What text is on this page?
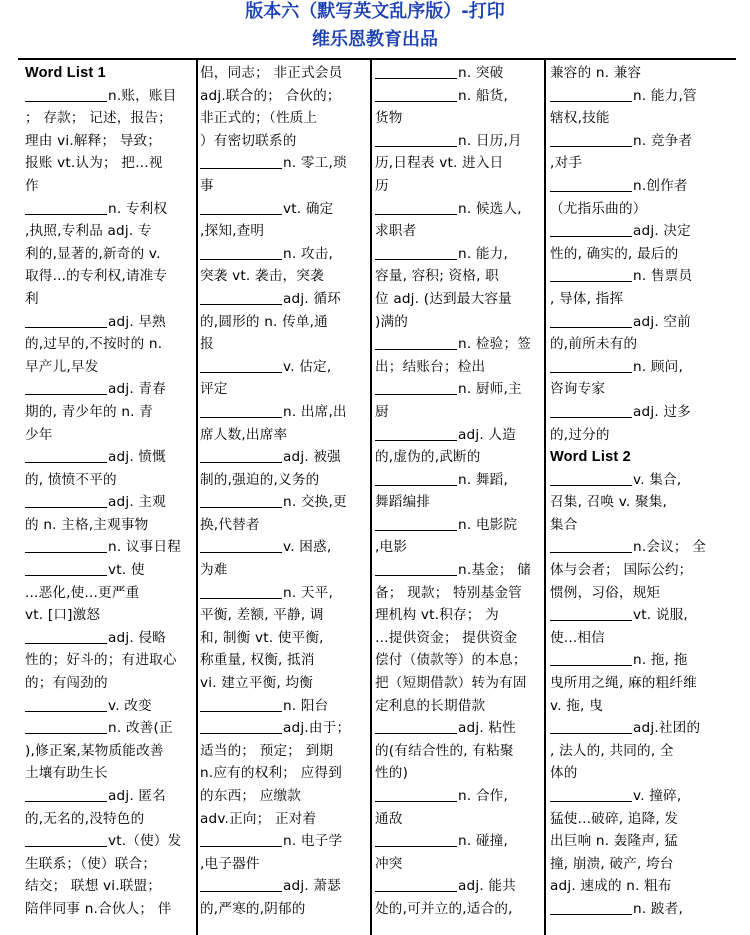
版本六（默写英文乱序版）-打印
维乐恩教育出品
Word List 1
n.账，账目
； 存款； 记述，报告；
理由 vi.解释； 导致；
报账 vt.认为； 把…视
作
n. 专利权
,执照,专利品 adj. 专
利的,显著的,新奇的 v.
取得...的专利权,请准专
利
adj. 早熟
的,过早的,不按时的 n.
早产儿,早发
adj. 青春
期的, 青少年的 n. 青
少年
adj. 愤慨
的, 愤愤不平的
adj. 主观
的 n. 主格,主观事物
n. 议事日程
vt. 使
...恶化,使...更严重
vt. [口]激怒
adj. 侵略
性的；好斗的；有进取心
的；有闯劲的
v. 改变
n. 改善(正
),修正案,某物质能改善
土壤有助生长
adj. 匿名
的,无名的,没特色的
vt.（使）发
生联系；（使）联合；
结交； 联想 vi.联盟；
陪伴同事 n.合伙人； 伴
侣，同志； 非正式会员
adj.联合的； 合伙的；
非正式的；（性质上
）有密切联系的
n. 零工,琐
事
vt. 确定
,探知,查明
n. 攻击,
突袭 vt. 袭击，突袭
adj. 循环
的,圆形的 n. 传单,通
报
v. 估定,
评定
n. 出席,出
席人数,出席率
adj. 被强
制的,强迫的,义务的
n. 交换,更
换,代替者
v. 困惑,
为难
n. 天平,
平衡, 差额, 平静, 调
和, 制衡 vt. 使平衡,
称重量, 权衡, 抵消
vi. 建立平衡, 均衡
n. 阳台
adj.由于；
适当的； 预定； 到期
n.应有的权利； 应得到
的东西； 应缴款
adv.正向； 正对着
n. 电子学
,电子器件
adj. 萧瑟
的,严寒的,阴郁的
n. 突破
n. 船货,
货物
n. 日历,月
历,日程表 vt. 进入日
历
n. 候选人,
求职者
n. 能力,
容量, 容积; 资格, 职
位 adj. (达到最大容量
)满的
n. 检验；签
出；结账台；检出
n. 厨师,主
厨
adj. 人造
的,虚伪的,武断的
n. 舞蹈,
舞蹈编排
n. 电影院
,电影
n.基金； 储
备； 现款； 特别基金管
理机构 vt.积存； 为
…提供资金； 提供资金
偿付（债款等）的本息；
把（短期借款）转为有固
定利息的长期借款
adj. 粘性
的(有结合性的, 有粘聚
性的)
n. 合作,
通敌
n. 碰撞,
冲突
adj. 能共
处的,可并立的,适合的,
兼容的 n. 兼容
n. 能力,管
辖权,技能
n. 竞争者
,对手
n.创作者
（尤指乐曲的）
adj. 决定
性的, 确实的, 最后的
n. 售票员
, 导体, 指挥
adj. 空前
的,前所未有的
n. 顾问,
咨询专家
adj. 过多
的,过分的
Word List 2
v. 集合,
召集, 召唤 v. 聚集,
集合
n.会议； 全
体与会者； 国际公约；
惯例，习俗，规矩
vt. 说服,
使...相信
n. 拖, 拖
曳所用之绳, 麻的粗纤维
v. 拖, 曳
adj.社团的
, 法人的, 共同的, 全
体的
v. 撞碎,
猛使...破碎, 追降, 发
出巨响 n. 轰隆声, 猛
撞, 崩溃, 破产, 垮台
adj. 速成的 n. 粗布
n. 跛者,
